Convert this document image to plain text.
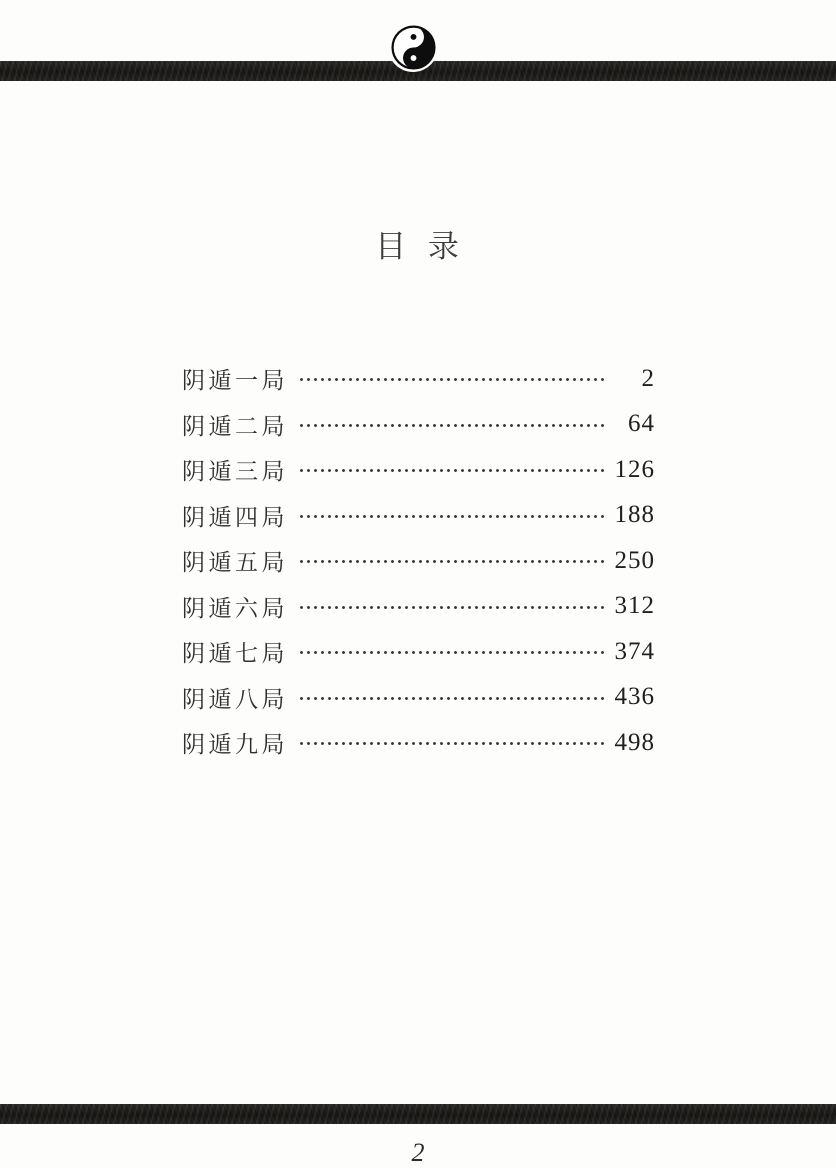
目 录
阴遁一局	2
阴遁二局	64
阴遁三局	126
阴遁四局	188
阴遁五局	250
阴遁六局	312
阴遁七局	374
阴遁八局	436
阴遁九局	498
2
